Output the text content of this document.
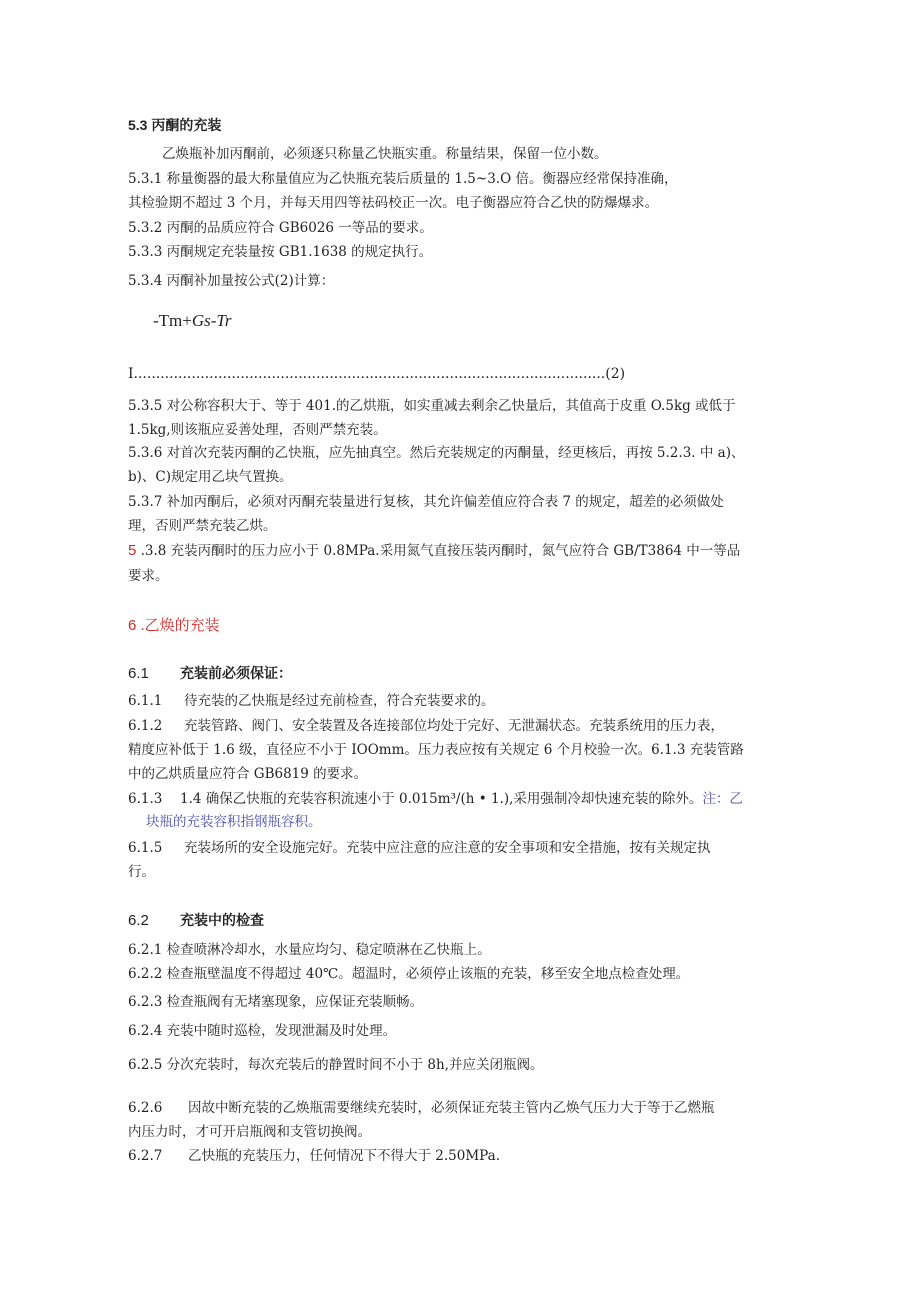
5.3 丙酮的充装
乙焕瓶补加丙酮前，必须逐只称量乙快瓶实重。称量结果，保留一位小数。
5.3.1 称量衡器的最大称量值应为乙快瓶充装后质量的 1.5~3.O 倍。衡器应经常保持准确，
其检验期不超过 3 个月，并每天用四等祛码校正一次。电子衡器应符合乙快的防爆爆求。
5.3.2 丙酮的品质应符合 GB6026 一等品的要求。
5.3.3 丙酮规定充装量按 GB1.1638 的规定执行。
5.3.4 丙酮补加量按公式(2)计算：
-Tm+Gs-Tr
I..........................................................................................................(2)
5.3.5 对公称容积大于、等于 401.的乙烘瓶，如实重减去剩余乙快量后，其值高于皮重 O.5kg 或低于
1.5kg,则该瓶应妥善处理，否则严禁充装。
5.3.6 对首次充装丙酮的乙快瓶，应先抽真空。然后充装规定的丙酮量，经更核后，再按 5.2.3. 中 a)、
b)、C)规定用乙块气置换。
5.3.7 补加丙酮后，必须对丙酮充装量进行复核，其允许偏差值应符合表 7 的规定，超差的必须做处
理，否则严禁充装乙烘。
5 .3.8 充装丙酮时的压力应小于 0.8MPa.采用氮气直接压装丙酮时，氮气应符合 GB/T3864 中一等品
要求。
6 .乙焕的充装
6.1 充装前必须保证：
6.1.1 待充装的乙快瓶是经过充前检查，符合充装要求的。
6.1.2 充装管路、阀门、安全装置及各连接部位均处于完好、无泄漏状态。充装系统用的压力表，
精度应补低于 1.6 级，直径应不小于 IOOmm。压力表应按有关规定 6 个月校验一次。6.1.3 充装管路
中的乙烘质量应符合 GB6819 的要求。
6.1.3 1.4 确保乙快瓶的充装容积流速小于 0.015m³/(h • 1.),采用强制冷却快速充装的除外。注：乙
块瓶的充装容积指钢瓶容积。
6.1.5 充装场所的安全设施完好。充装中应注意的应注意的安全事项和安全措施，按有关规定执
行。
6.2 充装中的检查
6.2.1 检查喷淋冷却水，水量应均匀、稳定喷淋在乙快瓶上。
6.2.2 检查瓶壁温度不得超过 40℃。超温时，必须停止该瓶的充装，移至安全地点检查处理。
6.2.3 检查瓶阀有无堵塞现象，应保证充装顺畅。
6.2.4 充装中随时巡检，发现泄漏及时处理。
6.2.5 分次充装时，每次充装后的静置时间不小于 8h,并应关闭瓶阀。
6.2.6 因故中断充装的乙焕瓶需要继续充装时，必须保证充装主管内乙焕气压力大于等于乙燃瓶
内压力时，才可开启瓶阀和支管切换阀。
6.2.7 乙快瓶的充装压力，任何情况下不得大于 2.50MPa.
